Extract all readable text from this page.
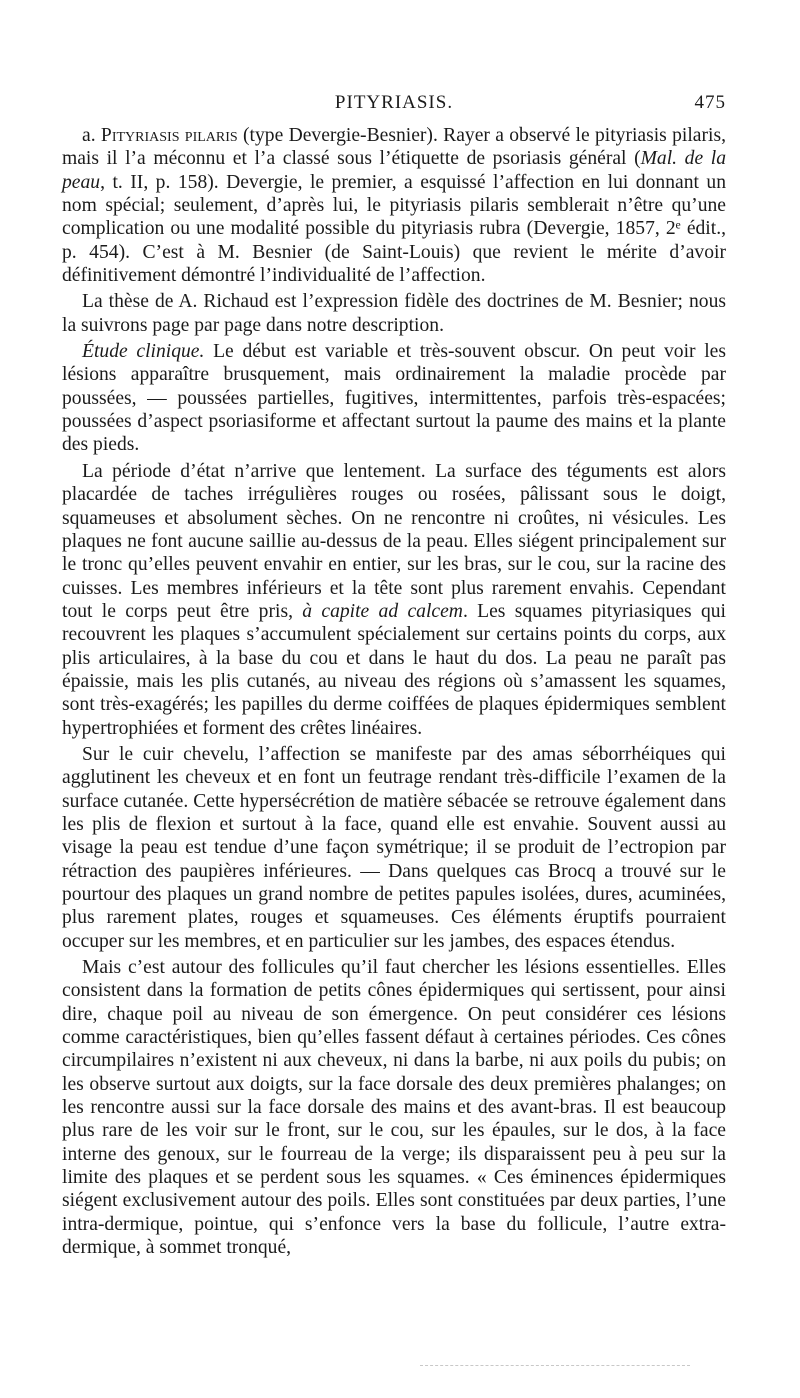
PITYRIASIS.	475

a. Pityriasis pilaris (type Devergie-Besnier). Rayer a observé le pityriasis pilaris, mais il l’a méconnu et l’a classé sous l’étiquette de psoriasis général (Mal. de la peau, t. II, p. 158). Devergie, le premier, a esquissé l’affection en lui donnant un nom spécial; seulement, d’après lui, le pityriasis pilaris semblerait n’être qu’une complication ou une modalité possible du pityriasis rubra (Devergie, 1857, 2ᵉ édit., p. 454). C’est à M. Besnier (de Saint-Louis) que revient le mérite d’avoir définitivement démontré l’individualité de l’affection.

La thèse de A. Richaud est l’expression fidèle des doctrines de M. Besnier; nous la suivrons page par page dans notre description.

Étude clinique. Le début est variable et très-souvent obscur. On peut voir les lésions apparaître brusquement, mais ordinairement la maladie procède par poussées, — poussées partielles, fugitives, intermittentes, parfois très-espacées; poussées d’aspect psoriasiforme et affectant surtout la paume des mains et la plante des pieds.

La période d’état n’arrive que lentement. La surface des téguments est alors placardée de taches irrégulières rouges ou rosées, pâlissant sous le doigt, squameuses et absolument sèches. On ne rencontre ni croûtes, ni vésicules. Les plaques ne font aucune saillie au-dessus de la peau. Elles siégent principalement sur le tronc qu’elles peuvent envahir en entier, sur les bras, sur le cou, sur la racine des cuisses. Les membres inférieurs et la tête sont plus rarement envahis. Cependant tout le corps peut être pris, à capite ad calcem. Les squames pityriasiques qui recouvrent les plaques s’accumulent spécialement sur certains points du corps, aux plis articulaires, à la base du cou et dans le haut du dos. La peau ne paraît pas épaissie, mais les plis cutanés, au niveau des régions où s’amassent les squames, sont très-exagérés; les papilles du derme coiffées de plaques épidermiques semblent hypertrophiées et forment des crêtes linéaires.

Sur le cuir chevelu, l’affection se manifeste par des amas séborrhéiques qui agglutinent les cheveux et en font un feutrage rendant très-difficile l’examen de la surface cutanée. Cette hypersécrétion de matière sébacée se retrouve également dans les plis de flexion et surtout à la face, quand elle est envahie. Souvent aussi au visage la peau est tendue d’une façon symétrique; il se produit de l’ectropion par rétraction des paupières inférieures. — Dans quelques cas Brocq a trouvé sur le pourtour des plaques un grand nombre de petites papules isolées, dures, acuminées, plus rarement plates, rouges et squameuses. Ces éléments éruptifs pourraient occuper sur les membres, et en particulier sur les jambes, des espaces étendus.

Mais c’est autour des follicules qu’il faut chercher les lésions essentielles. Elles consistent dans la formation de petits cônes épidermiques qui sertissent, pour ainsi dire, chaque poil au niveau de son émergence. On peut considérer ces lésions comme caractéristiques, bien qu’elles fassent défaut à certaines périodes. Ces cônes circumpilaires n’existent ni aux cheveux, ni dans la barbe, ni aux poils du pubis; on les observe surtout aux doigts, sur la face dorsale des deux premières phalanges; on les rencontre aussi sur la face dorsale des mains et des avant-bras. Il est beaucoup plus rare de les voir sur le front, sur le cou, sur les épaules, sur le dos, à la face interne des genoux, sur le fourreau de la verge; ils disparaissent peu à peu sur la limite des plaques et se perdent sous les squames. « Ces éminences épidermiques siégent exclusivement autour des poils. Elles sont constituées par deux parties, l’une intra-dermique, pointue, qui s’enfonce vers la base du follicule, l’autre extra-dermique, à sommet tronqué,
